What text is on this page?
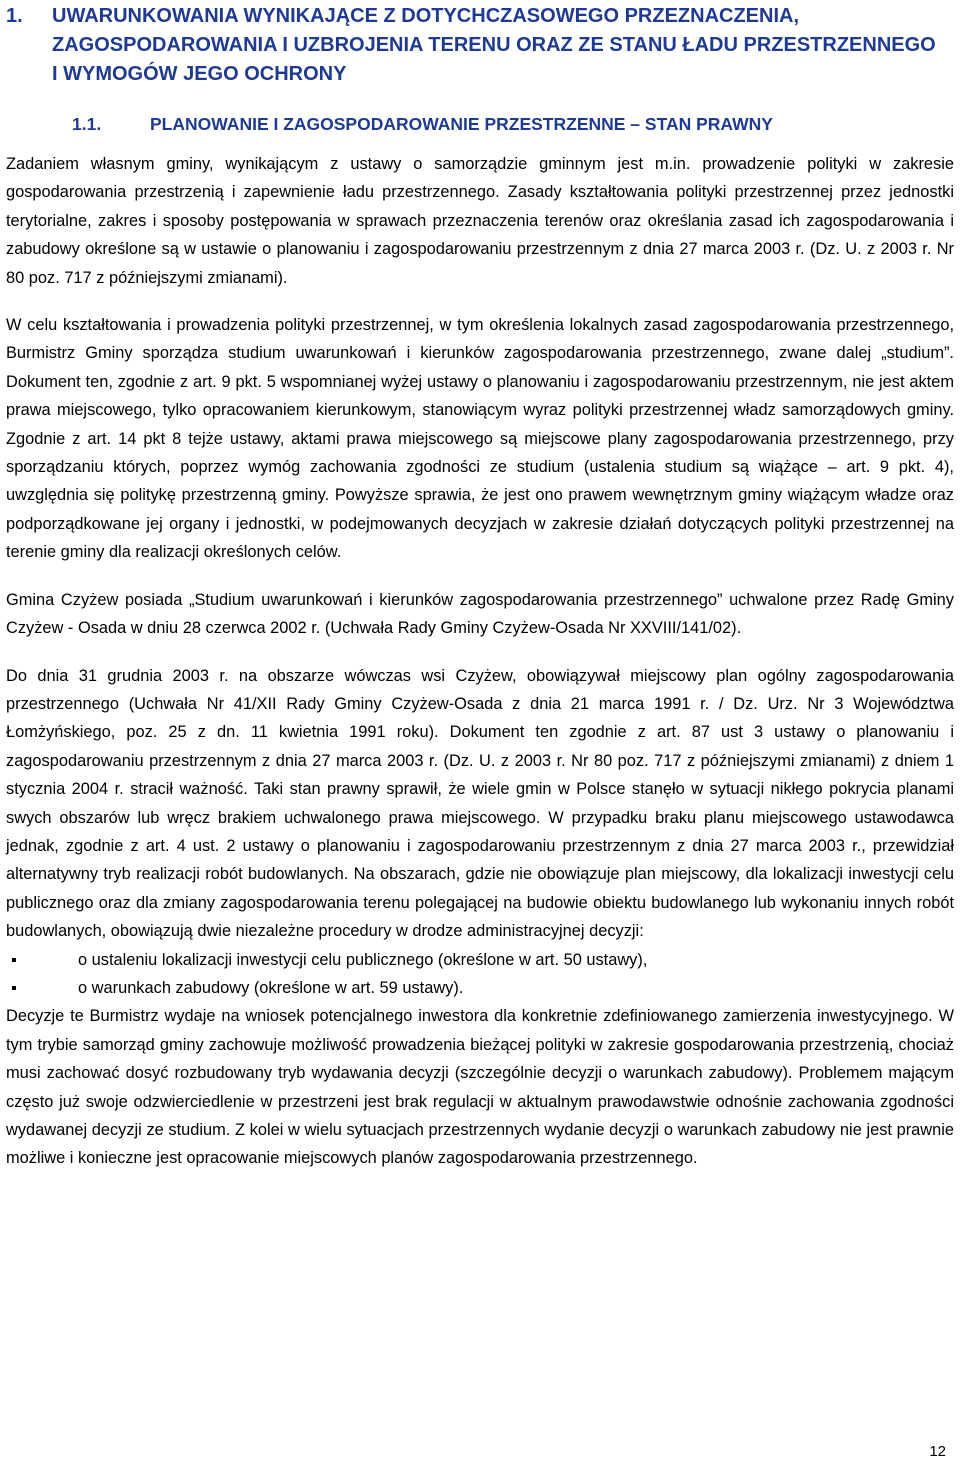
1. UWARUNKOWANIA WYNIKAJĄCE Z DOTYCHCZASOWEGO PRZEZNACZENIA, ZAGOSPODAROWANIA I UZBROJENIA TERENU ORAZ ZE STANU ŁADU PRZESTRZENNEGO I WYMOGÓW JEGO OCHRONY
1.1.	PLANOWANIE I ZAGOSPODAROWANIE PRZESTRZENNE – STAN PRAWNY

Zadaniem własnym gminy, wynikającym z ustawy o samorządzie gminnym jest m.in. prowadzenie polityki w zakresie gospodarowania przestrzenią i zapewnienie ładu przestrzennego. Zasady kształtowania polityki przestrzennej przez jednostki terytorialne, zakres i sposoby postępowania w sprawach przeznaczenia terenów oraz określania zasad ich zagospodarowania i zabudowy określone są w ustawie o planowaniu i zagospodarowaniu przestrzennym z dnia 27 marca 2003 r. (Dz. U. z 2003 r. Nr 80 poz. 717 z późniejszymi zmianami).

W celu kształtowania i prowadzenia polityki przestrzennej, w tym określenia lokalnych zasad zagospodarowania przestrzennego, Burmistrz Gminy sporządza studium uwarunkowań i kierunków zagospodarowania przestrzennego, zwane dalej „studium”. Dokument ten, zgodnie z art. 9 pkt. 5 wspomnianej wyżej ustawy o planowaniu i zagospodarowaniu przestrzennym, nie jest aktem prawa miejscowego, tylko opracowaniem kierunkowym, stanowiącym wyraz polityki przestrzennej władz samorządowych gminy. Zgodnie z art. 14 pkt 8 tejże ustawy, aktami prawa miejscowego są miejscowe plany zagospodarowania przestrzennego, przy sporządzaniu których, poprzez wymóg zachowania zgodności ze studium (ustalenia studium są wiążące – art. 9 pkt. 4), uwzględnia się politykę przestrzenną gminy. Powyższe sprawia, że jest ono prawem wewnętrznym gminy wiążącym władze oraz podporządkowane jej organy i jednostki, w podejmowanych decyzjach w zakresie działań dotyczących polityki przestrzennej na terenie gminy dla realizacji określonych celów.

Gmina Czyżew posiada „Studium uwarunkowań i kierunków zagospodarowania przestrzennego” uchwalone przez Radę Gminy Czyżew - Osada w dniu 28 czerwca 2002 r. (Uchwała Rady Gminy Czyżew-Osada Nr XXVIII/141/02).

Do dnia 31 grudnia 2003 r. na obszarze wówczas wsi Czyżew, obowiązywał miejscowy plan ogólny zagospodarowania przestrzennego (Uchwała Nr 41/XII Rady Gminy Czyżew-Osada z dnia 21 marca 1991 r. / Dz. Urz. Nr 3 Województwa Łomżyńskiego, poz. 25 z dn. 11 kwietnia 1991 roku). Dokument ten zgodnie z art. 87 ust 3 ustawy o planowaniu i zagospodarowaniu przestrzennym z dnia 27 marca 2003 r. (Dz. U. z 2003 r. Nr 80 poz. 717 z późniejszymi zmianami) z dniem 1 stycznia 2004 r. stracił ważność. Taki stan prawny sprawił, że wiele gmin w Polsce stanęło w sytuacji nikłego pokrycia planami swych obszarów lub wręcz brakiem uchwalonego prawa miejscowego. W przypadku braku planu miejscowego ustawodawca jednak, zgodnie z art. 4 ust. 2 ustawy o planowaniu i zagospodarowaniu przestrzennym z dnia 27 marca 2003 r., przewidział alternatywny tryb realizacji robót budowlanych. Na obszarach, gdzie nie obowiązuje plan miejscowy, dla lokalizacji inwestycji celu publicznego oraz dla zmiany zagospodarowania terenu polegającej na budowie obiektu budowlanego lub wykonaniu innych robót budowlanych, obowiązują dwie niezależne procedury w drodze administracyjnej decyzji:

o ustaleniu lokalizacji inwestycji celu publicznego (określone w art. 50 ustawy),
o warunkach zabudowy (określone w art. 59 ustawy).

Decyzje te Burmistrz wydaje na wniosek potencjalnego inwestora dla konkretnie zdefiniowanego zamierzenia inwestycyjnego. W tym trybie samorząd gminy zachowuje możliwość prowadzenia bieżącej polityki w zakresie gospodarowania przestrzenią, chociaż musi zachować dosyć rozbudowany tryb wydawania decyzji (szczególnie decyzji o warunkach zabudowy). Problemem mającym często już swoje odzwierciedlenie w przestrzeni jest brak regulacji w aktualnym prawodawstwie odnośnie zachowania zgodności wydawanej decyzji ze studium. Z kolei w wielu sytuacjach przestrzennych wydanie decyzji o warunkach zabudowy nie jest prawnie możliwe i konieczne jest opracowanie miejscowych planów zagospodarowania przestrzennego.

12
